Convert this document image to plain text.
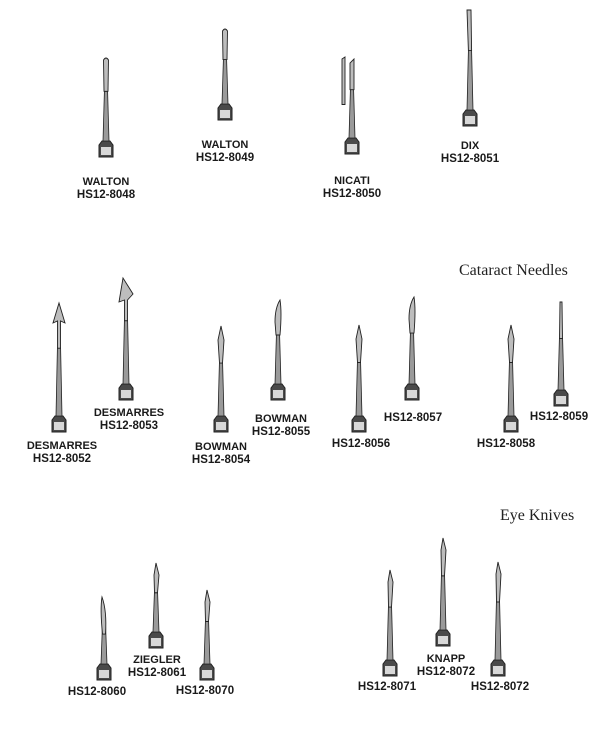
Cataract Needles
Eye Knives
WALTON
HS12-8048
WALTON
HS12-8049
NICATI
HS12-8050
DIX
HS12-8051
DESMARRES
HS12-8052
DESMARRES
HS12-8053
BOWMAN
HS12-8054
BOWMAN
HS12-8055
HS12-8056
HS12-8057
HS12-8058
HS12-8059
HS12-8060
ZIEGLER
HS12-8061
HS12-8070	HS12-8071
KNAPP
HS12-8072
HS12-8072
